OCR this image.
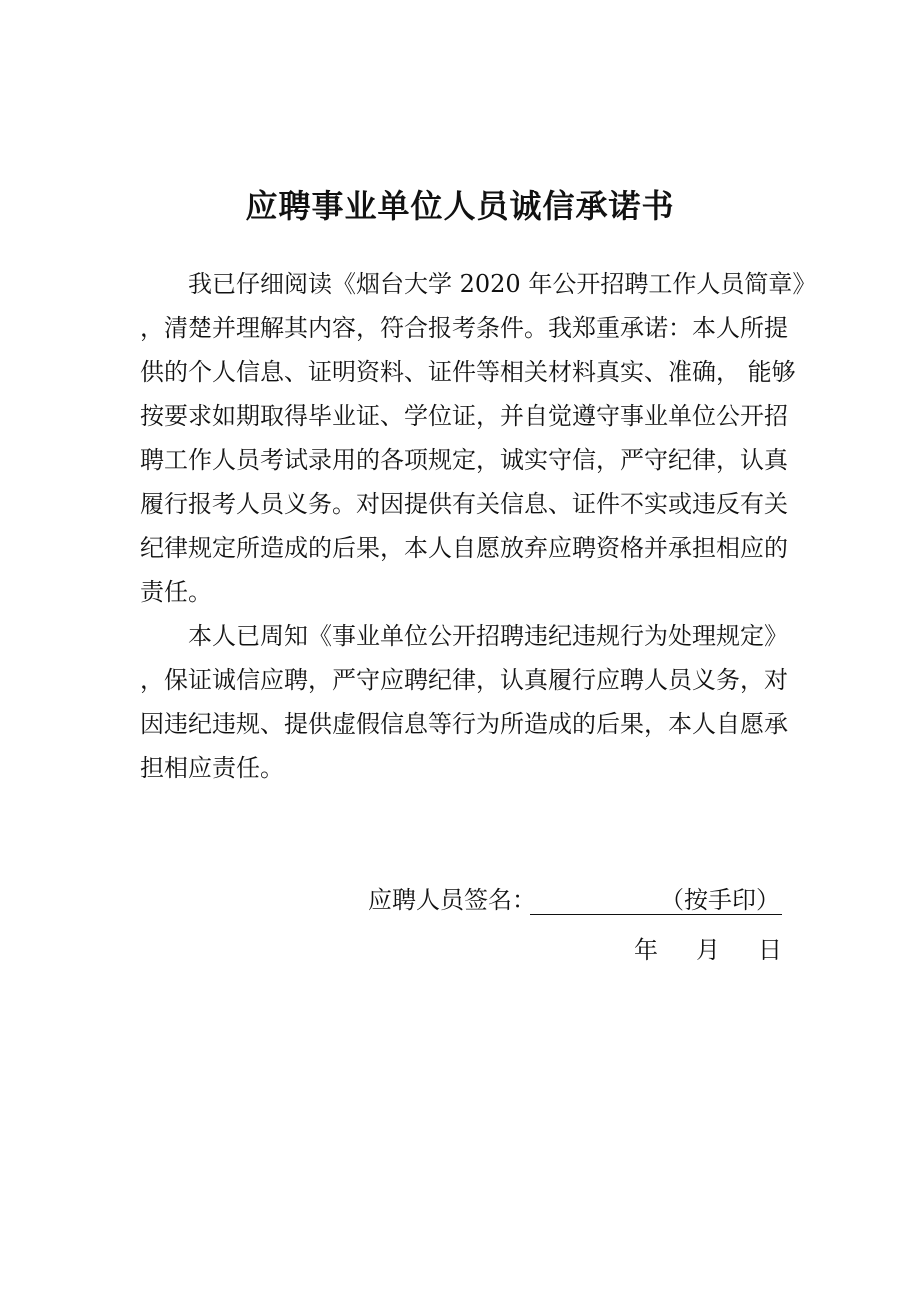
应聘事业单位人员诚信承诺书
我已仔细阅读《烟台大学 2020 年公开招聘工作人员简章》
，清楚并理解其内容，符合报考条件。我郑重承诺：本人所提
供的个人信息、证明资料、证件等相关材料真实、准确， 能够
按要求如期取得毕业证、学位证，并自觉遵守事业单位公开招
聘工作人员考试录用的各项规定，诚实守信，严守纪律，认真
履行报考人员义务。对因提供有关信息、证件不实或违反有关
纪律规定所造成的后果，本人自愿放弃应聘资格并承担相应的
责任。
本人已周知《事业单位公开招聘违纪违规行为处理规定》
，保证诚信应聘，严守应聘纪律，认真履行应聘人员义务，对
因违纪违规、提供虚假信息等行为所造成的后果，本人自愿承
担相应责任。
应聘人员签名：	（按手印）
年 月 日
